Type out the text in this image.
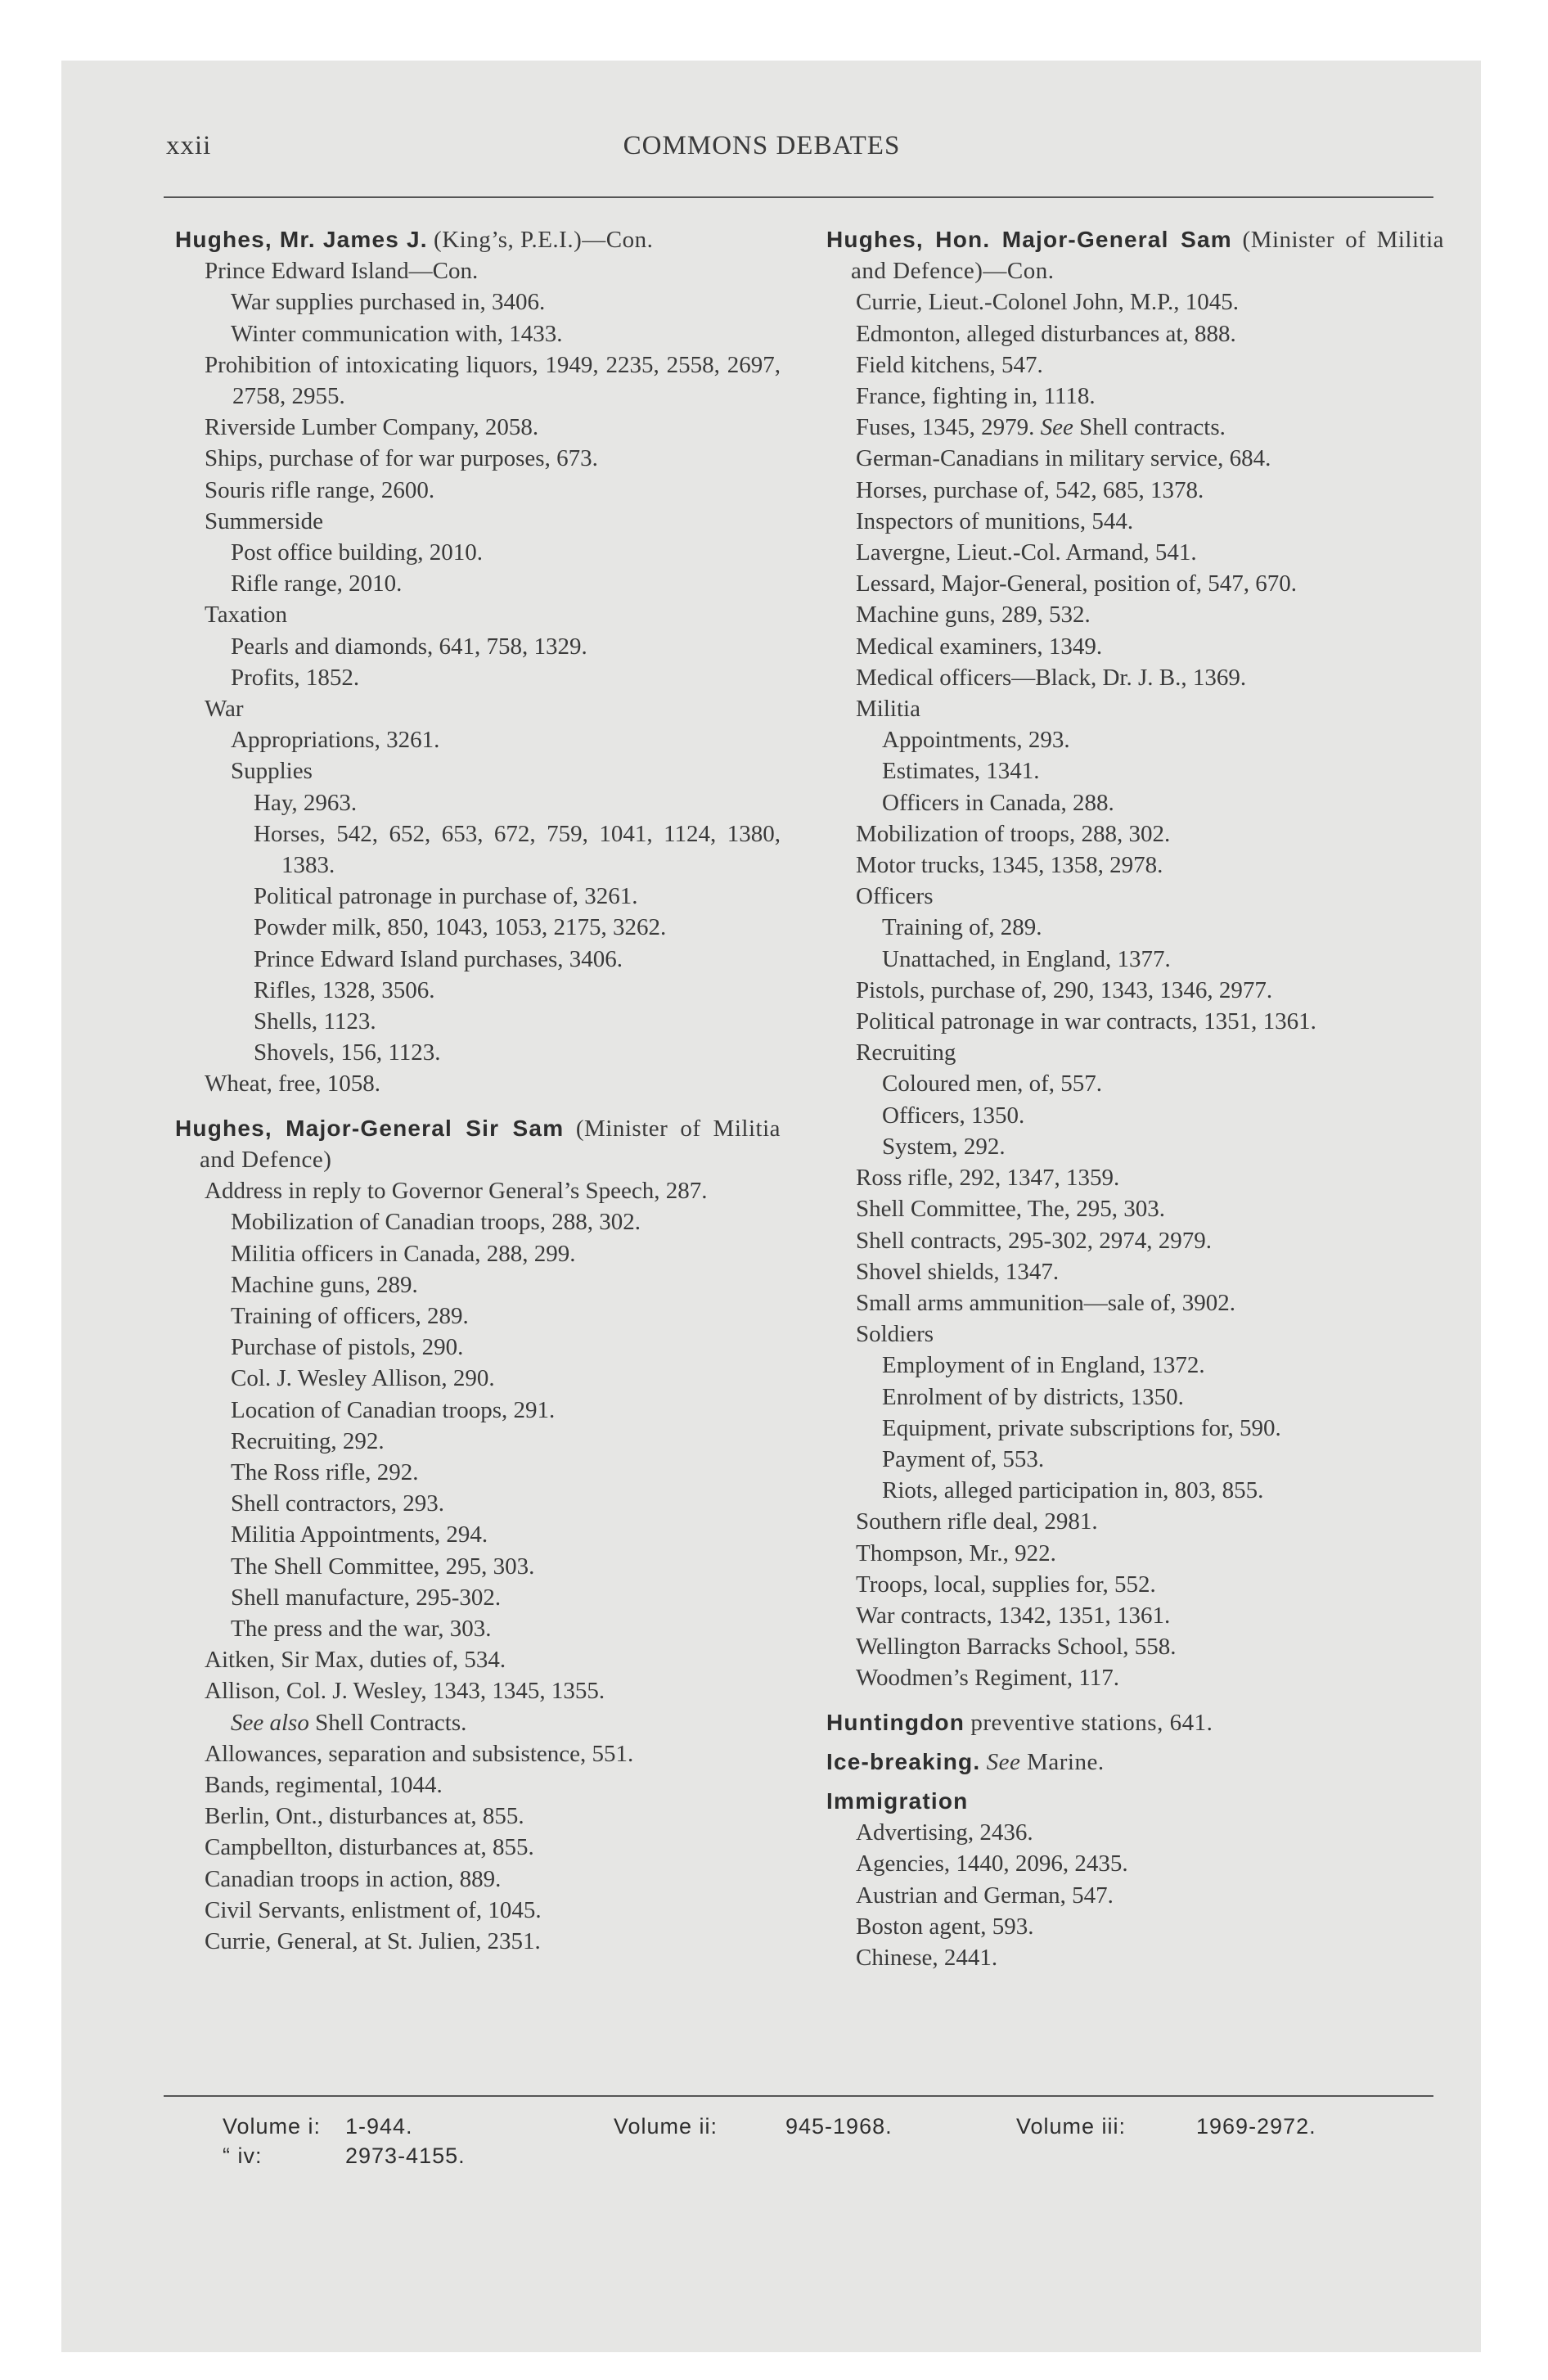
xxii	COMMONS DEBATES
Hughes, Mr. James J. (King’s, P.E.I.)—Con.
Prince Edward Island—Con.
War supplies purchased in, 3406.
Winter communication with, 1433.
Prohibition of intoxicating liquors, 1949, 2235, 2558, 2697, 2758, 2955.
Riverside Lumber Company, 2058.
Ships, purchase of for war purposes, 673.
Souris rifle range, 2600.
Summerside
Post office building, 2010.
Rifle range, 2010.
Taxation
Pearls and diamonds, 641, 758, 1329.
Profits, 1852.
War
Appropriations, 3261.
Supplies
Hay, 2963.
Horses, 542, 652, 653, 672, 759, 1041, 1124, 1380, 1383.
Political patronage in purchase of, 3261.
Powder milk, 850, 1043, 1053, 2175, 3262.
Prince Edward Island purchases, 3406.
Rifles, 1328, 3506.
Shells, 1123.
Shovels, 156, 1123.
Wheat, free, 1058.
Hughes, Major-General Sir Sam (Minister of Militia and Defence)
Address in reply to Governor General’s Speech, 287.
Mobilization of Canadian troops, 288, 302.
Militia officers in Canada, 288, 299.
Machine guns, 289.
Training of officers, 289.
Purchase of pistols, 290.
Col. J. Wesley Allison, 290.
Location of Canadian troops, 291.
Recruiting, 292.
The Ross rifle, 292.
Shell contractors, 293.
Militia Appointments, 294.
The Shell Committee, 295, 303.
Shell manufacture, 295-302.
The press and the war, 303.
Aitken, Sir Max, duties of, 534.
Allison, Col. J. Wesley, 1343, 1345, 1355.
See also Shell Contracts.
Allowances, separation and subsistence, 551.
Bands, regimental, 1044.
Berlin, Ont., disturbances at, 855.
Campbellton, disturbances at, 855.
Canadian troops in action, 889.
Civil Servants, enlistment of, 1045.
Currie, General, at St. Julien, 2351.
Hughes, Hon. Major-General Sam (Minister of Militia and Defence)—Con.
Currie, Lieut.-Colonel John, M.P., 1045.
Edmonton, alleged disturbances at, 888.
Field kitchens, 547.
France, fighting in, 1118.
Fuses, 1345, 2979. See Shell contracts.
German-Canadians in military service, 684.
Horses, purchase of, 542, 685, 1378.
Inspectors of munitions, 544.
Lavergne, Lieut.-Col. Armand, 541.
Lessard, Major-General, position of, 547, 670.
Machine guns, 289, 532.
Medical examiners, 1349.
Medical officers—Black, Dr. J. B., 1369.
Militia
Appointments, 293.
Estimates, 1341.
Officers in Canada, 288.
Mobilization of troops, 288, 302.
Motor trucks, 1345, 1358, 2978.
Officers
Training of, 289.
Unattached, in England, 1377.
Pistols, purchase of, 290, 1343, 1346, 2977.
Political patronage in war contracts, 1351, 1361.
Recruiting
Coloured men, of, 557.
Officers, 1350.
System, 292.
Ross rifle, 292, 1347, 1359.
Shell Committee, The, 295, 303.
Shell contracts, 295-302, 2974, 2979.
Shovel shields, 1347.
Small arms ammunition—sale of, 3902.
Soldiers
Employment of in England, 1372.
Enrolment of by districts, 1350.
Equipment, private subscriptions for, 590.
Payment of, 553.
Riots, alleged participation in, 803, 855.
Southern rifle deal, 2981.
Thompson, Mr., 922.
Troops, local, supplies for, 552.
War contracts, 1342, 1351, 1361.
Wellington Barracks School, 558.
Woodmen’s Regiment, 117.
Huntingdon preventive stations, 641.
Ice-breaking. See Marine.
Immigration
Advertising, 2436.
Agencies, 1440, 2096, 2435.
Austrian and German, 547.
Boston agent, 593.
Chinese, 2441.
Volume i: 1-944.	Volume ii:	945-1968.	Volume iii:	1969-2972.
“ iv:	2973-4155.
